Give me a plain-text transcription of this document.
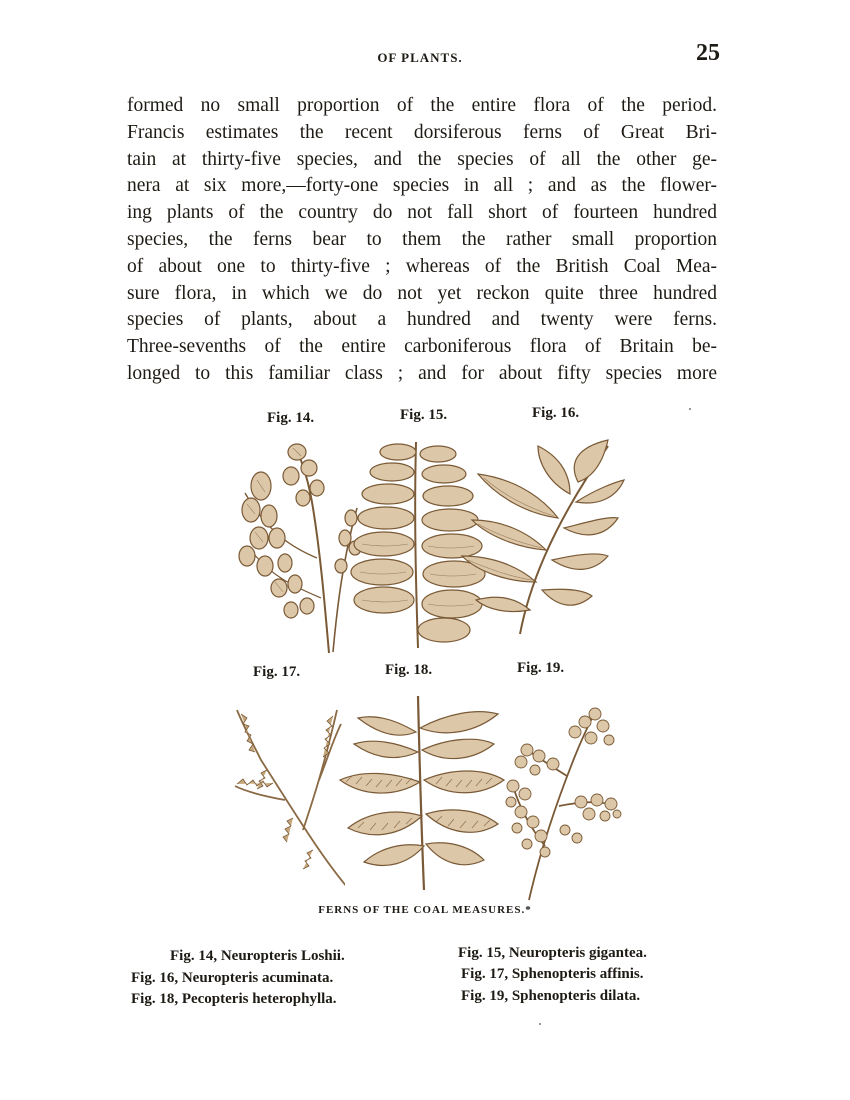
OF PLANTS.	25
formed no small proportion of the entire flora of the period.
Francis estimates the recent dorsiferous ferns of Great Bri-
tain at thirty-five species, and the species of all the other ge-
nera at six more,—forty-one species in all ; and as the flower-
ing plants of the country do not fall short of fourteen hundred
species, the ferns bear to them the rather small proportion
of about one to thirty-five ; whereas of the British Coal Mea-
sure flora, in which we do not yet reckon quite three hundred
species of plants, about a hundred and twenty were ferns.
Three-sevenths of the entire carboniferous flora of Britain be-
longed to this familiar class ; and for about fifty species more
Fig. 14.	Fig. 15.	Fig. 16.
Fig. 17.	Fig. 18.	Fig. 19.
FERNS OF THE COAL MEASURES.*
Fig. 14, Neuropteris Loshii.	Fig. 15, Neuropteris gigantea.
Fig. 16, Neuropteris acuminata.	Fig. 17, Sphenopteris affinis.
Fig. 18, Pecopteris heterophylla.	Fig. 19, Sphenopteris dilata.
